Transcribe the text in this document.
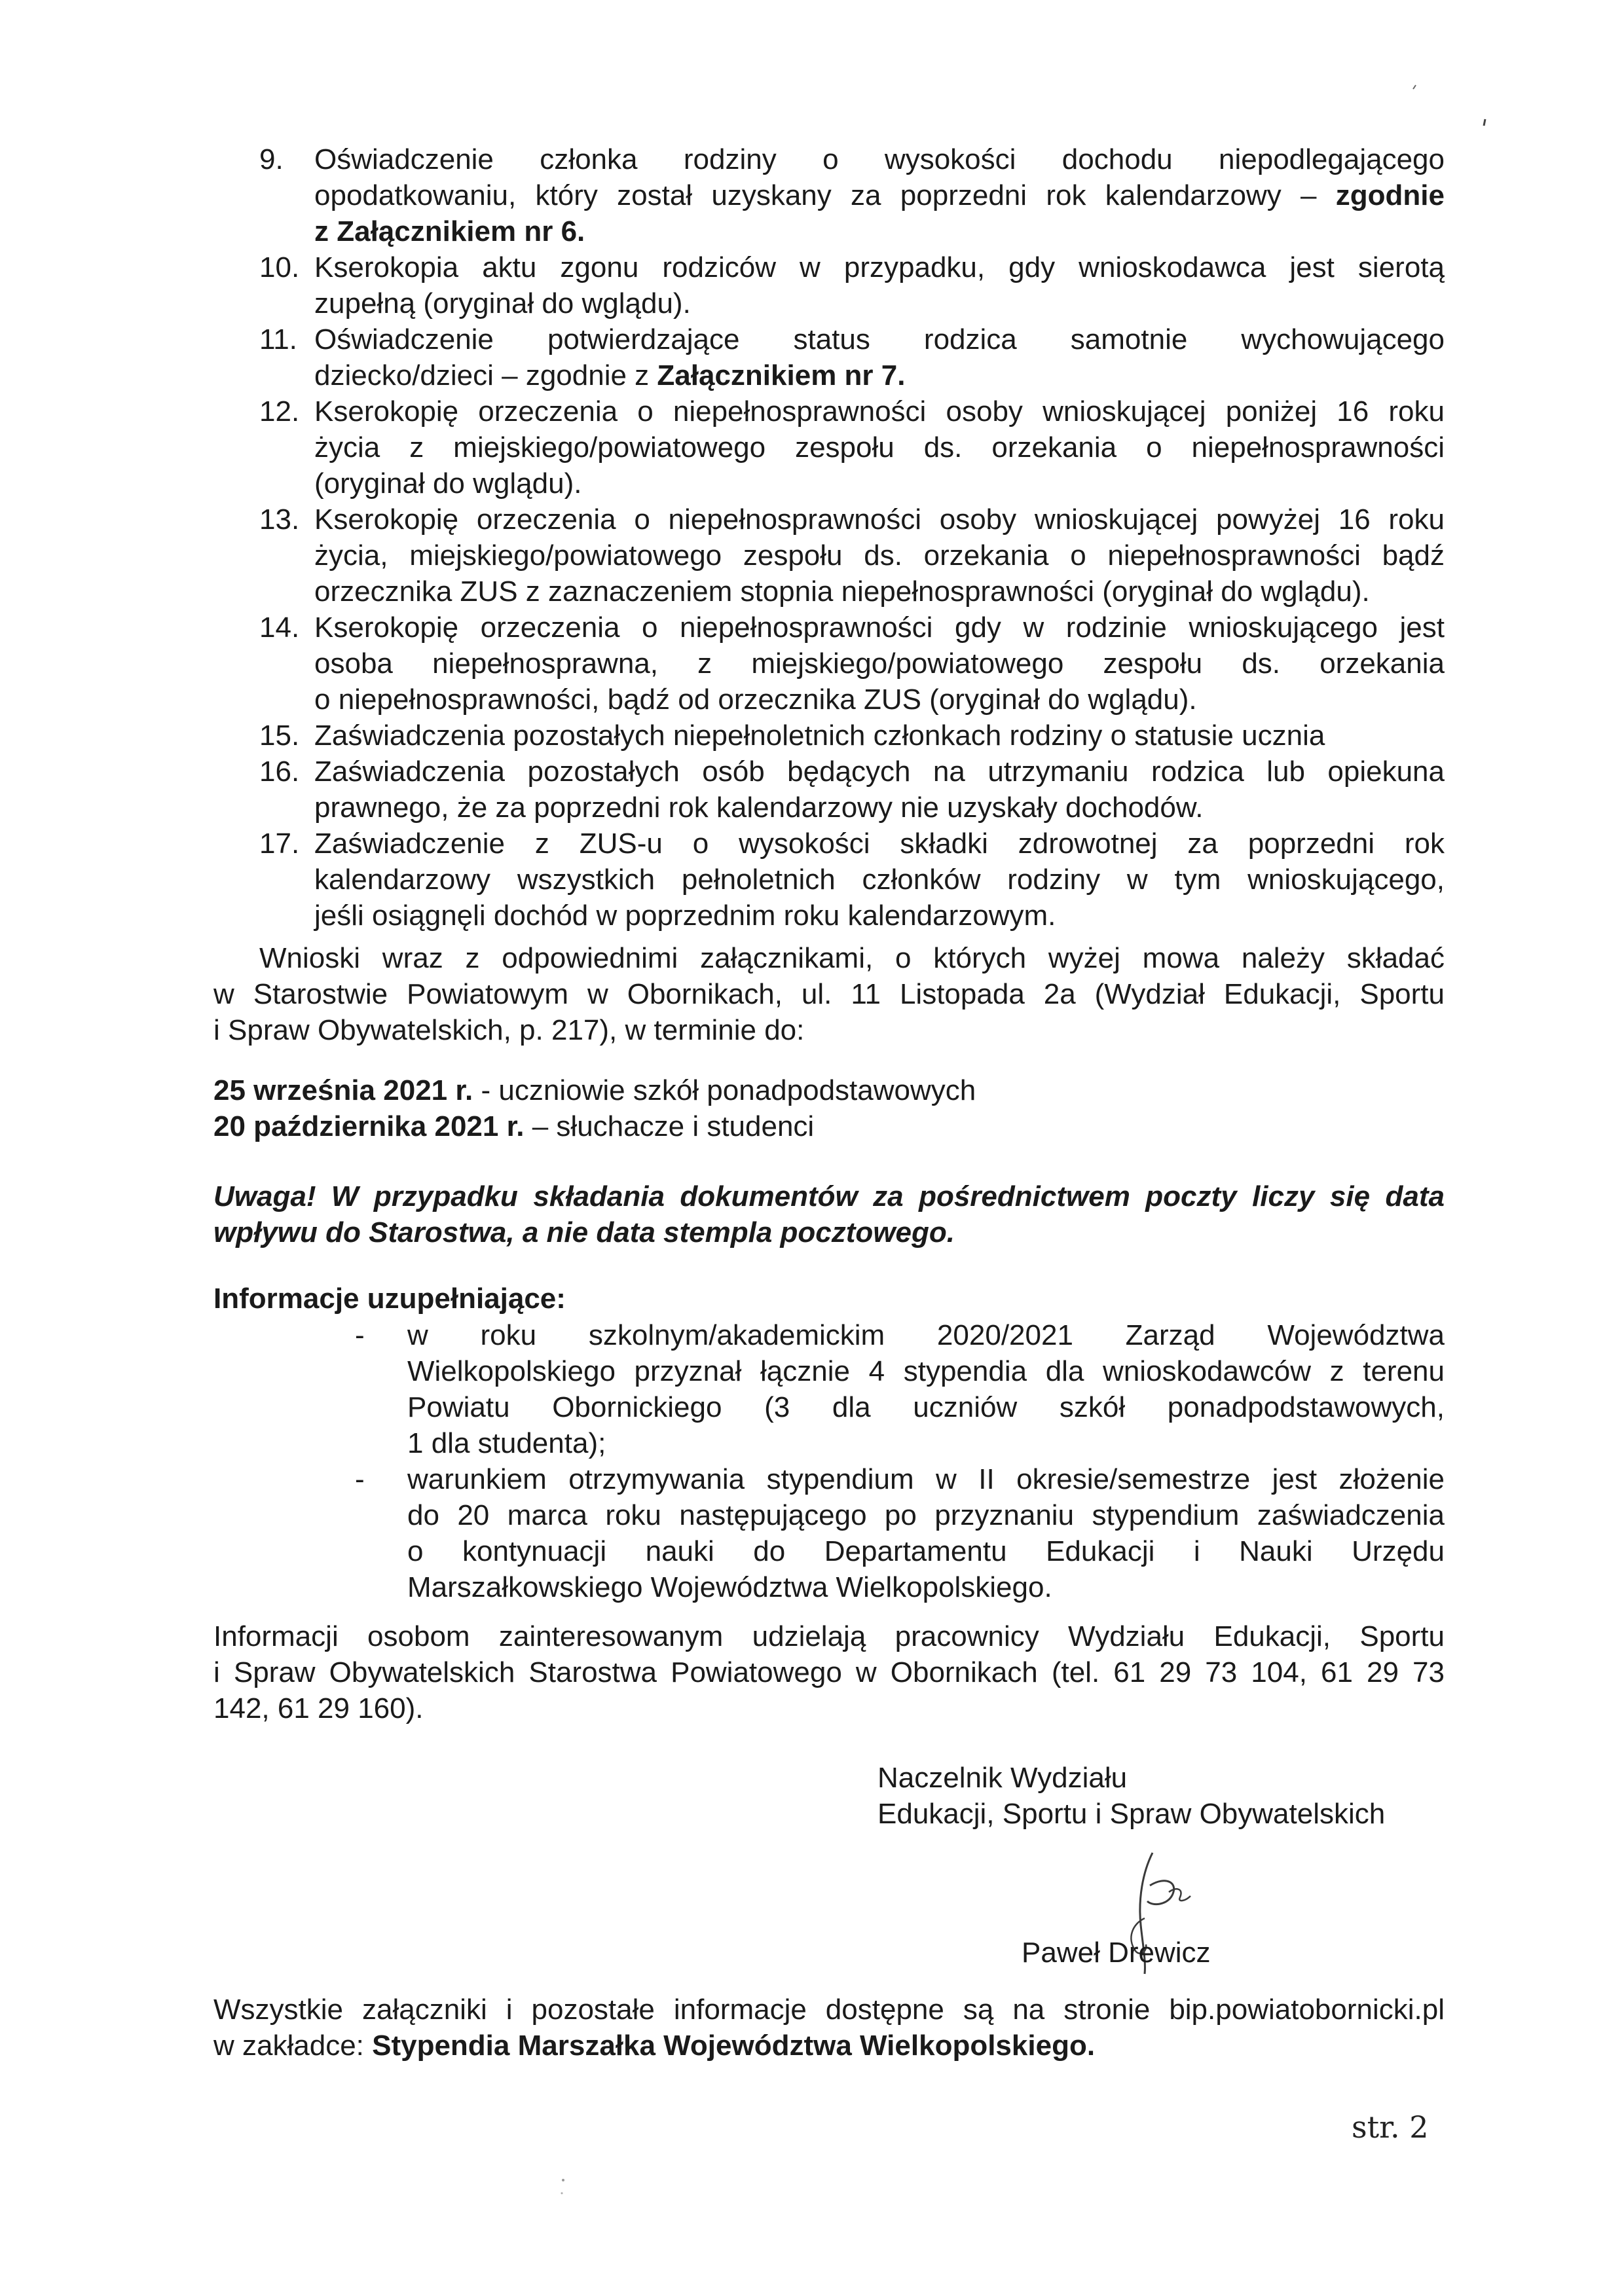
9. Oświadczenie członka rodziny o wysokości dochodu niepodlegającego
opodatkowaniu, który został uzyskany za poprzedni rok kalendarzowy – zgodnie
z Załącznikiem nr 6.
10. Kserokopia aktu zgonu rodziców w przypadku, gdy wnioskodawca jest sierotą
zupełną (oryginał do wglądu).
11. Oświadczenie potwierdzające status rodzica samotnie wychowującego
dziecko/dzieci – zgodnie z Załącznikiem nr 7.
12. Kserokopię orzeczenia o niepełnosprawności osoby wnioskującej poniżej 16 roku
życia z miejskiego/powiatowego zespołu ds. orzekania o niepełnosprawności
(oryginał do wglądu).
13. Kserokopię orzeczenia o niepełnosprawności osoby wnioskującej powyżej 16 roku
życia, miejskiego/powiatowego zespołu ds. orzekania o niepełnosprawności bądź
orzecznika ZUS z zaznaczeniem stopnia niepełnosprawności (oryginał do wglądu).
14. Kserokopię orzeczenia o niepełnosprawności gdy w rodzinie wnioskującego jest
osoba niepełnosprawna, z miejskiego/powiatowego zespołu ds. orzekania
o niepełnosprawności, bądź od orzecznika ZUS (oryginał do wglądu).
15. Zaświadczenia pozostałych niepełnoletnich członkach rodziny o statusie ucznia
16. Zaświadczenia pozostałych osób będących na utrzymaniu rodzica lub opiekuna
prawnego, że za poprzedni rok kalendarzowy nie uzyskały dochodów.
17. Zaświadczenie z ZUS-u o wysokości składki zdrowotnej za poprzedni rok
kalendarzowy wszystkich pełnoletnich członków rodziny w tym wnioskującego,
jeśli osiągnęli dochód w poprzednim roku kalendarzowym.
Wnioski wraz z odpowiednimi załącznikami, o których wyżej mowa należy składać
w Starostwie Powiatowym w Obornikach, ul. 11 Listopada 2a (Wydział Edukacji, Sportu
i Spraw Obywatelskich, p. 217), w terminie do:
25 września 2021 r. - uczniowie szkół ponadpodstawowych
20 października 2021 r. – słuchacze i studenci
Uwaga! W przypadku składania dokumentów za pośrednictwem poczty liczy się data
wpływu do Starostwa, a nie data stempla pocztowego.
Informacje uzupełniające:
- w roku szkolnym/akademickim 2020/2021 Zarząd Województwa
Wielkopolskiego przyznał łącznie 4 stypendia dla wnioskodawców z terenu
Powiatu Obornickiego (3 dla uczniów szkół ponadpodstawowych,
1 dla studenta);
- warunkiem otrzymywania stypendium w II okresie/semestrze jest złożenie
do 20 marca roku następującego po przyznaniu stypendium zaświadczenia
o kontynuacji nauki do Departamentu Edukacji i Nauki Urzędu
Marszałkowskiego Województwa Wielkopolskiego.
Informacji osobom zainteresowanym udzielają pracownicy Wydziału Edukacji, Sportu
i Spraw Obywatelskich Starostwa Powiatowego w Obornikach (tel. 61 29 73 104, 61 29 73
142, 61 29 160).
Naczelnik Wydziału
Edukacji, Sportu i Spraw Obywatelskich
Paweł Drewicz
Wszystkie załączniki i pozostałe informacje dostępne są na stronie bip.powiatobornicki.pl
w zakładce: Stypendia Marszałka Województwa Wielkopolskiego.
str. 2
